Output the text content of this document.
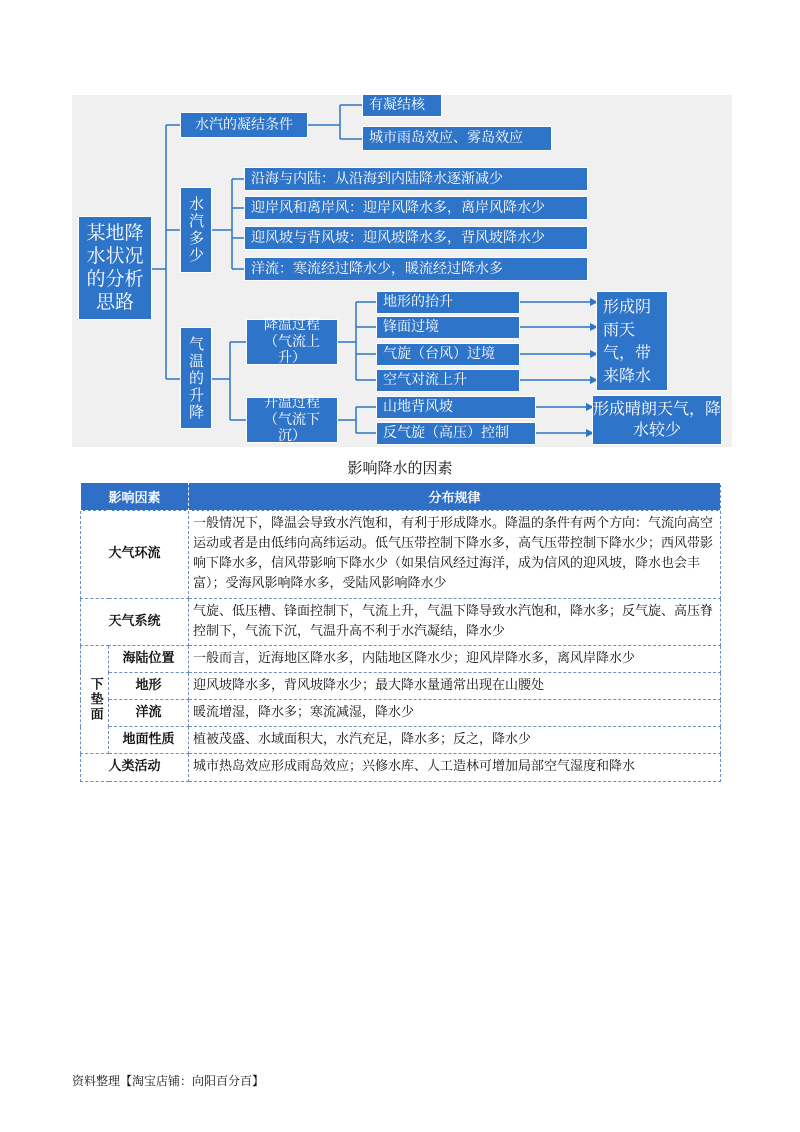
某地降水状况的分析思路
水汽的凝结条件
有凝结核
城市雨岛效应、雾岛效应
水汽多少
沿海与内陆：从沿海到内陆降水逐渐减少
迎岸风和离岸风：迎岸风降水多，离岸风降水少
迎风坡与背风坡：迎风坡降水多，背风坡降水少
洋流：寒流经过降水少，暖流经过降水多
气温的升降
降温过程（气流上升）
地形的抬升
锋面过境
气旋（台风）过境
空气对流上升
形成阴雨天气，带来降水
升温过程（气流下沉）
山地背风坡
反气旋（高压）控制
形成晴朗天气，降水较少
影响降水的因素
影响因素		分布规律
大气环流		一般情况下，降温会导致水汽饱和，有利于形成降水。降温的条件有两个方向：气流向高空运动或者是由低纬向高纬运动。低气压带控制下降水多，高气压带控制下降水少；西风带影响下降水多，信风带影响下降水少（如果信风经过海洋，成为信风的迎风坡，降水也会丰富）；受海风影响降水多，受陆风影响降水少
天气系统		气旋、低压槽、锋面控制下，气流上升，气温下降导致水汽饱和，降水多；反气旋、高压脊控制下，气流下沉，气温升高不利于水汽凝结，降水少
下垫面	海陆位置	一般而言，近海地区降水多，内陆地区降水少；迎风岸降水多，离风岸降水少
	地形	迎风坡降水多，背风坡降水少；最大降水量通常出现在山腰处
	洋流	暖流增湿，降水多；寒流减湿，降水少
	地面性质	植被茂盛、水域面积大，水汽充足，降水多；反之，降水少
人类活动		城市热岛效应形成雨岛效应；兴修水库、人工造林可增加局部空气湿度和降水
资料整理【淘宝店铺：向阳百分百】
